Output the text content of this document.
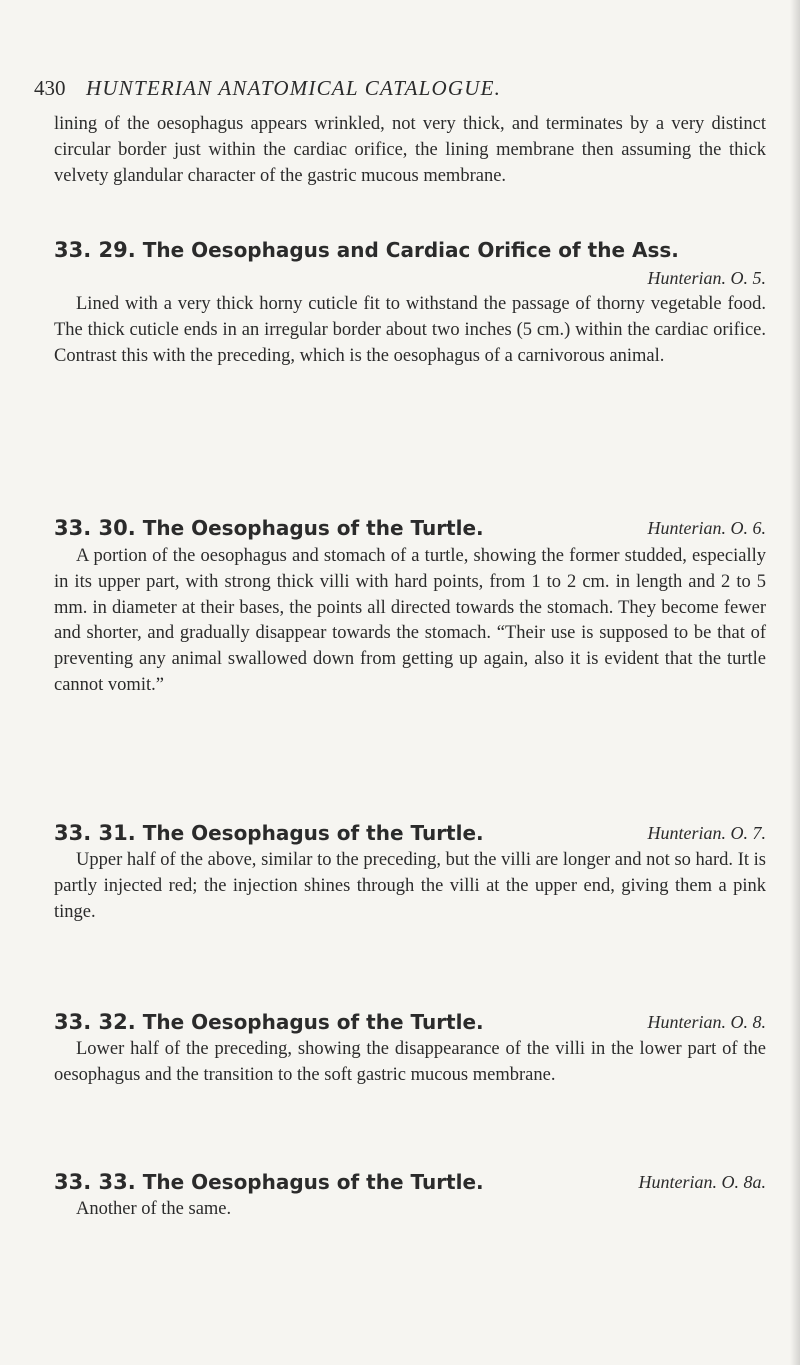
430 HUNTERIAN ANATOMICAL CATALOGUE.
lining of the oesophagus appears wrinkled, not very thick, and terminates by a very distinct circular border just within the cardiac orifice, the lining membrane then assuming the thick velvety glandular character of the gastric mucous membrane.
33. 29. The Oesophagus and Cardiac Orifice of the Ass.
Hunterian. O. 5.
Lined with a very thick horny cuticle fit to withstand the passage of thorny vegetable food. The thick cuticle ends in an irregular border about two inches (5 cm.) within the cardiac orifice. Contrast this with the preceding, which is the oesophagus of a carnivorous animal.
33. 30. The Oesophagus of the Turtle.	Hunterian. O. 6.
A portion of the oesophagus and stomach of a turtle, showing the former studded, especially in its upper part, with strong thick villi with hard points, from 1 to 2 cm. in length and 2 to 5 mm. in diameter at their bases, the points all directed towards the stomach. They become fewer and shorter, and gradually disappear towards the stomach. “Their use is supposed to be that of preventing any animal swallowed down from getting up again, also it is evident that the turtle cannot vomit.”
33. 31. The Oesophagus of the Turtle.	Hunterian. O. 7.
Upper half of the above, similar to the preceding, but the villi are longer and not so hard. It is partly injected red; the injection shines through the villi at the upper end, giving them a pink tinge.
33. 32. The Oesophagus of the Turtle.	Hunterian. O. 8.
Lower half of the preceding, showing the disappearance of the villi in the lower part of the oesophagus and the transition to the soft gastric mucous membrane.
33. 33. The Oesophagus of the Turtle.	Hunterian. O. 8a.
Another of the same.
